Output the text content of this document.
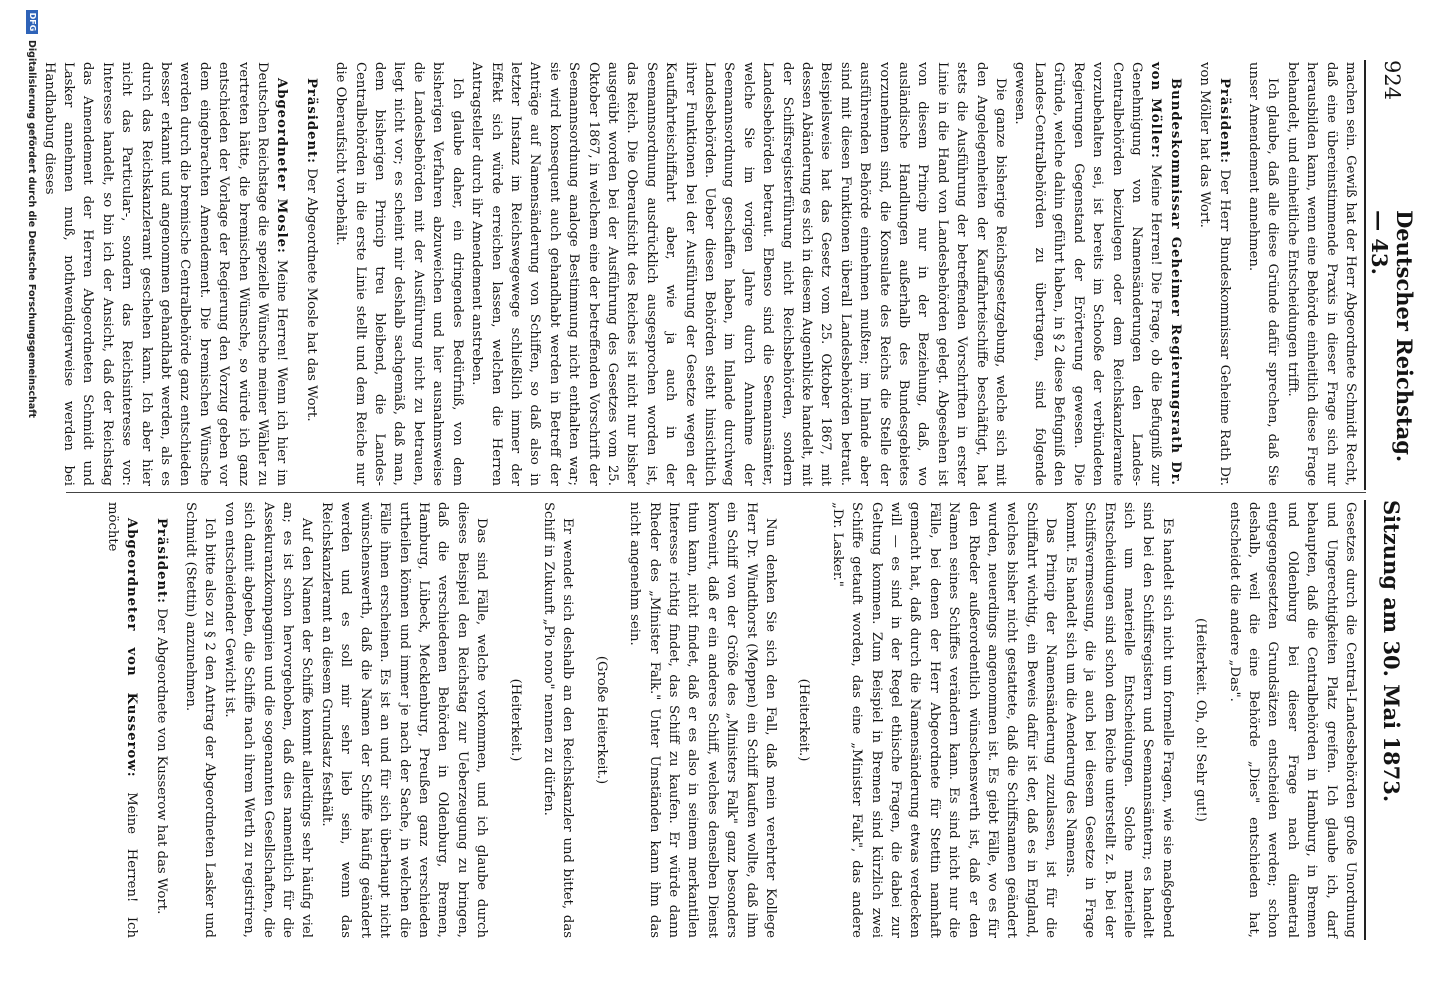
924
Deutscher Reichstag. — 43.
Sitzung am 30. Mai 1873.

machen sein. Gewiß hat der Herr Abgeordnete Schmidt Recht, daß eine übereinstimmende Praxis in dieser Frage sich nur herausbilden kann, wenn eine Behörde einheitlich diese Frage behandelt, und einheitliche Entscheidungen trifft.

Ich glaube, daß alle diese Gründe dafür sprechen, daß Sie unser Amendement annehmen.

Präsident: Der Herr Bundeskommissar Geheime Rath Dr. von Möller hat das Wort.

Bundeskommissar Geheimer Regierungsrath Dr. von Möller: Meine Herren! Die Frage, ob die Befugniß zur Genehmigung von Namensänderungen den Landes-Centralbehörden beizulegen oder dem Reichskanzleramte vorzubehalten sei, ist bereits im Schooße der verbündeten Regierungen Gegenstand der Erörterung gewesen. Die Gründe, welche dahin geführt haben, in § 2 diese Befugniß den Landes-Centralbehörden zu übertragen, sind folgende gewesen.

Die ganze bisherige Reichsgesetzgebung, welche sich mit den Angelegenheiten der Kauffahrteischiffe beschäftigt, hat stets die Ausführung der betreffenden Vorschriften in erster Linie in die Hand von Landesbehörden gelegt. Abgesehen ist von diesem Princip nur in der Beziehung, daß, wo ausländische Handlungen außerhalb des Bundesgebietes vorzunehmen sind, die Konsulate des Reichs die Stelle der ausführenden Behörde einnehmen mußten; im Inlande aber sind mit diesen Funktionen überall Landesbehörden betraut. Beispielsweise hat das Gesetz vom 25. Oktober 1867, mit dessen Abänderung es sich in diesem Augenblicke handelt, mit der Schiffsregisterführung nicht Reichsbehörden, sondern Landesbehörden betraut. Ebenso sind die Seemannsämter, welche Sie im vorigen Jahre durch Annahme der Seemannsordnung geschaffen haben, im Inlande durchweg Landesbehörden. Ueber diesen Behörden steht hinsichtlich ihrer Funktionen bei der Ausführung der Gesetze wegen der Kauffahrteischiffahrt aber, wie ja auch in der Seemannsordnung ausdrücklich ausgesprochen worden ist, das Reich. Die Oberaufsicht des Reiches ist nicht nur bisher ausgeübt worden bei der Ausführung des Gesetzes vom 25. Oktober 1867, in welchem eine der betreffenden Vorschrift der Seemannsordnung analoge Bestimmung nicht enthalten war; sie wird konsequent auch gehandhabt werden in Betreff der Anträge auf Namensänderung von Schiffen, so daß also in letzter Instanz im Reichswegewege schließlich immer der Effekt sich würde erreichen lassen, welchen die Herren Antragsteller durch ihr Amendement anstreben.

Ich glaube daher, ein dringendes Bedürfniß, von dem bisherigen Verfahren abzuweichen und hier ausnahmsweise die Landesbehörden mit der Ausführung nicht zu betrauen, liegt nicht vor; es scheint mir deshalb sachgemäß, daß man, dem bisherigen Princip treu bleibend, die Landes-Centralbehörden in die erste Linie stellt und dem Reiche nur die Oberaufsicht vorbehält.

Präsident: Der Abgeordnete Mosle hat das Wort.

Abgeordneter Mosle: Meine Herren! Wenn ich hier im Deutschen Reichstage die spezielle Wünsche meiner Wähler zu vertreten hätte, die bremischen Wünsche, so würde ich ganz entschieden der Vorlage der Regierung den Vorzug geben vor dem eingebrachten Amendement. Die bremischen Wünsche werden durch die bremische Centralbehörde ganz entschieden besser erkannt und angenommen gehandhabt werden, als es durch das Reichskanzleramt geschehen kann. Ich aber hier nicht das Particular-, sondern das Reichsinteresse vor: Interesse handelt, so bin ich der Ansicht, daß der Reichstag das Amendement der Herren Abgeordneten Schmidt und Lasker annehmen muß, nothwendigerweise werden bei Handhabung dieses

Gesetzes durch die Central-Landesbehörden große Unordnung und Ungerechtigkeiten Platz greifen. Ich glaube ich, darf behaupten, daß die Centralbehörden in Hamburg, in Bremen und Oldenburg bei dieser Frage nach diametral entgegengesetzten Grundsätzen entscheiden werden; schon deshalb, weil die eine Behörde „Dies" entschieden hat, entscheidet die andere „Das".

(Heiterkeit. Oh, oh! Sehr gut!)

Es handelt sich nicht um formelle Fragen, wie sie maßgebend sind bei den Schiffsregistern und Seemannsämtern; es handelt sich um materielle Entscheidungen. Solche materielle Entscheidungen sind schon dem Reiche unterstellt z. B. bei der Schiffsvermessung, die ja auch bei diesem Gesetze in Frage kommt. Es handelt sich um die Aenderung des Namens.

Das Princip der Namensänderung zuzulassen, ist für die Schiffahrt wichtig, ein Beweis dafür ist der, daß es in England, welches bisher nicht gestattete, daß die Schiffsnamen geändert wurden, neuerdings angenommen ist. Es giebt Fälle, wo es für den Rheder außerordentlich wünschenswerth ist, daß er den Namen seines Schiffes verändern kann. Es sind nicht nur die Fälle, bei denen der Herr Abgeordnete für Stettin namhaft gemacht hat, daß durch die Namensänderung etwas verdecken will — es sind in der Regel ethische Fragen, die dabei zur Geltung kommen. Zum Beispiel in Bremen sind kürzlich zwei Schiffe getauft worden, das eine „Minister Falk", das andere „Dr. Lasker."

(Heiterkeit.)

Nun denken Sie sich den Fall, daß mein verehrter Kollege Herr Dr. Windthorst (Meppen) ein Schiff kaufen wollte, daß ihm ein Schiff von der Größe des „Ministers Falk" ganz besonders konvenirt, daß er ein anderes Schiff, welches denselben Dienst thun kann, nicht findet, daß er es also in seinem merkantilen Interesse richtig findet, das Schiff zu kaufen. Er würde dann Rheder des „Minister Falk." Unter Umständen kann ihm das nicht angenehm sein.

(Große Heiterkeit.)

Er wendet sich deshalb an den Reichskanzler und bittet, das Schiff in Zukunft „Pio nono" nennen zu dürfen.

(Heiterkeit.)

Das sind Fälle, welche vorkommen, und ich glaube durch dieses Beispiel den Reichstag zur Ueberzeugung zu bringen, daß die verschiedenen Behörden in Oldenburg, Bremen, Hamburg, Lübeck, Mecklenburg, Preußen ganz verschieden urtheilen können und immer je nach der Sache, in welchen die Fälle ihnen erscheinen. Es ist an und für sich überhaupt nicht wünschenswerth, daß die Namen der Schiffe häufig geändert werden und es soll mir sehr lieb sein, wenn das Reichskanzleramt an diesem Grundsatz festhält.

Auf den Namen der Schiffe kommt allerdings sehr häufig viel an; es ist schon hervorgehoben, daß dies namentlich für die Assekuranzkompagnien und die sogenannten Gesellschaften, die sich damit abgeben, die Schiffe nach ihrem Werth zu registriren, von entscheidender Gewicht ist.

Ich bitte also zu § 2 den Antrag der Abgeordneten Lasker und Schmidt (Stettin) anzunehmen.

Präsident: Der Abgeordnete von Kusserow hat das Wort.

Abgeordneter von Kusserow: Meine Herren! Ich möchte

DFG
Digitalisierung gefördert durch die Deutsche Forschungsgemeinschaft
